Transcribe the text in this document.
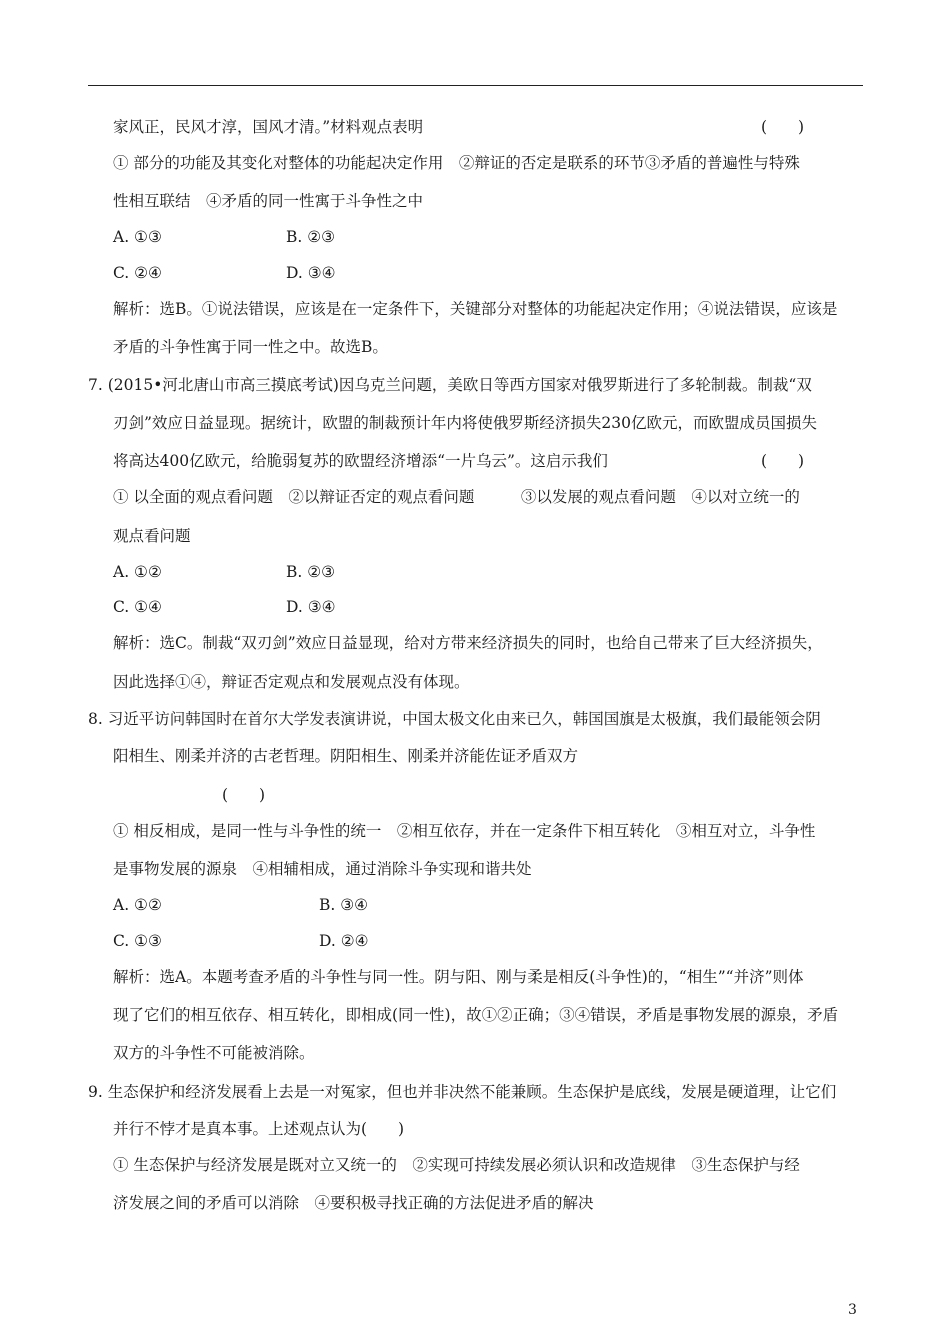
家风正，民风才淳，国风才清。”材料观点表明	(　　)
① 部分的功能及其变化对整体的功能起决定作用　②辩证的否定是联系的环节③矛盾的普遍性与特殊
性相互联结　④矛盾的同一性寓于斗争性之中
A. ①③	B. ②③
C. ②④	D. ③④
解析：选B。①说法错误，应该是在一定条件下，关键部分对整体的功能起决定作用；④说法错误，应该是
矛盾的斗争性寓于同一性之中。故选B。
7. (2015•河北唐山市高三摸底考试)因乌克兰问题，美欧日等西方国家对俄罗斯进行了多轮制裁。制裁“双
刃剑”效应日益显现。据统计，欧盟的制裁预计年内将使俄罗斯经济损失230亿欧元，而欧盟成员国损失
将高达400亿欧元，给脆弱复苏的欧盟经济增添“一片乌云”。这启示我们	(　　)
① 以全面的观点看问题　②以辩证否定的观点看问题　　　③以发展的观点看问题　④以对立统一的
观点看问题
A. ①②	B. ②③
C. ①④	D. ③④
解析：选C。制裁“双刃剑”效应日益显现，给对方带来经济损失的同时，也给自己带来了巨大经济损失，
因此选择①④，辩证否定观点和发展观点没有体现。
8. 习近平访问韩国时在首尔大学发表演讲说，中国太极文化由来已久，韩国国旗是太极旗，我们最能领会阴
阳相生、刚柔并济的古老哲理。阴阳相生、刚柔并济能佐证矛盾双方
(　　)
① 相反相成，是同一性与斗争性的统一　②相互依存，并在一定条件下相互转化　③相互对立，斗争性
是事物发展的源泉　④相辅相成，通过消除斗争实现和谐共处
A. ①②	B. ③④
C. ①③	D. ②④
解析：选A。本题考查矛盾的斗争性与同一性。阴与阳、刚与柔是相反(斗争性)的，“相生”“并济”则体
现了它们的相互依存、相互转化，即相成(同一性)，故①②正确；③④错误，矛盾是事物发展的源泉，矛盾
双方的斗争性不可能被消除。
9. 生态保护和经济发展看上去是一对冤家，但也并非决然不能兼顾。生态保护是底线，发展是硬道理，让它们
并行不悖才是真本事。上述观点认为(　　)
① 生态保护与经济发展是既对立又统一的　②实现可持续发展必须认识和改造规律　③生态保护与经
济发展之间的矛盾可以消除　④要积极寻找正确的方法促进矛盾的解决
3
